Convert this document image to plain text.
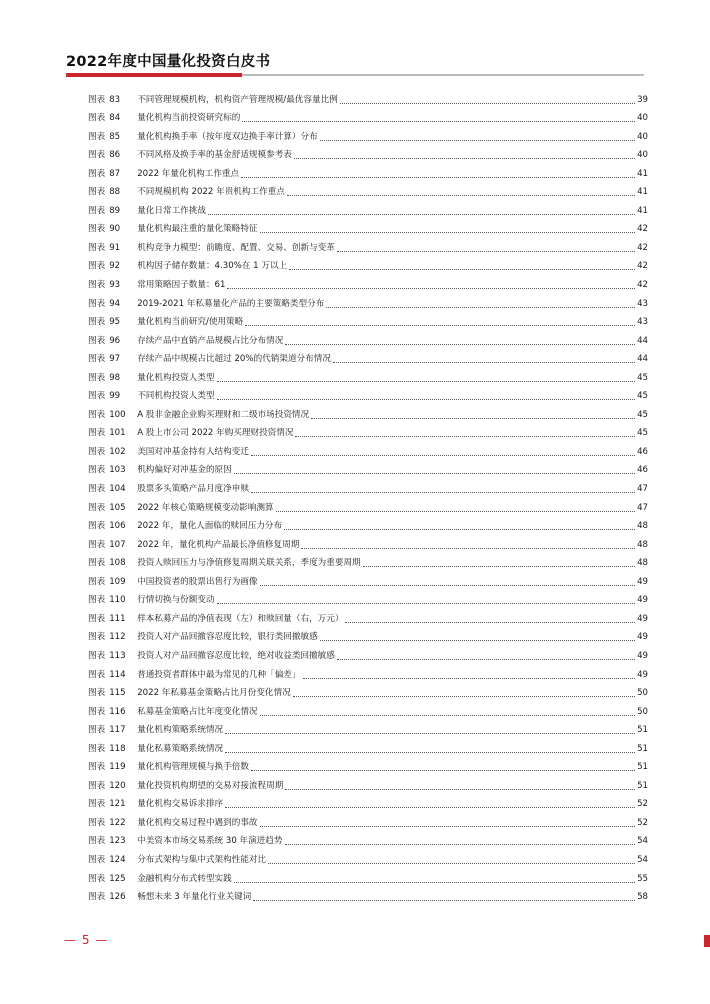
2022年度中国量化投资白皮书
图表 83	不同管理规模机构，机构资产管理规模/最优容量比例	39
图表 84	量化机构当前投资研究标的	40
图表 85	量化机构换手率（按年度双边换手率计算）分布	40
图表 86	不同风格及换手率的基金舒适规模参考表	40
图表 87	2022 年量化机构工作重点	41
图表 88	不同规模机构 2022 年贵机构工作重点	41
图表 89	量化日常工作挑战	41
图表 90	量化机构最注重的量化策略特征	42
图表 91	机构竞争力模型：前瞻度、配置、交易、创新与变革	42
图表 92	机构因子储存数量：4.30%在 1 万以上	42
图表 93	常用策略因子数量：61	42
图表 94	2019-2021 年私募量化产品的主要策略类型分布	43
图表 95	量化机构当前研究/使用策略	43
图表 96	存续产品中直销产品规模占比分布情况	44
图表 97	存续产品中规模占比超过 20%的代销渠道分布情况	44
图表 98	量化机构投资人类型	45
图表 99	不同机构投资人类型	45
图表 100	A 股非金融企业购买理财和二级市场投资情况	45
图表 101	A 股上市公司 2022 年购买理财投资情况	45
图表 102	美国对冲基金持有人结构变迁	46
图表 103	机构偏好对冲基金的原因	46
图表 104	股票多头策略产品月度净申赎	47
图表 105	2022 年核心策略规模变动影响测算	47
图表 106	2022 年，量化人面临的赎回压力分布	48
图表 107	2022 年，量化机构产品最长净值修复周期	48
图表 108	投资人赎回压力与净值修复周期关联关系，季度为重要周期	48
图表 109	中国投资者的股票出售行为画像	49
图表 110	行情切换与份额变动	49
图表 111	样本私募产品的净值表现（左）和赎回量（右，万元）	49
图表 112	投资人对产品回撤容忍度比较，银行类回撤敏感	49
图表 113	投资人对产品回撤容忍度比较，绝对收益类回撤敏感	49
图表 114	普通投资者群体中最为常见的几种「偏差」	49
图表 115	2022 年私募基金策略占比月份变化情况	50
图表 116	私募基金策略占比年度变化情况	50
图表 117	量化机构策略系统情况	51
图表 118	量化私募策略系统情况	51
图表 119	量化机构管理规模与换手倍数	51
图表 120	量化投资机构期望的交易对接流程周期	51
图表 121	量化机构交易诉求排序	52
图表 122	量化机构交易过程中遇到的事故	52
图表 123	中美资本市场交易系统 30 年演进趋势	54
图表 124	分布式架构与集中式架构性能对比	54
图表 125	金融机构分布式转型实践	55
图表 126	畅想未来 3 年量化行业关键词	58
— 5 —
